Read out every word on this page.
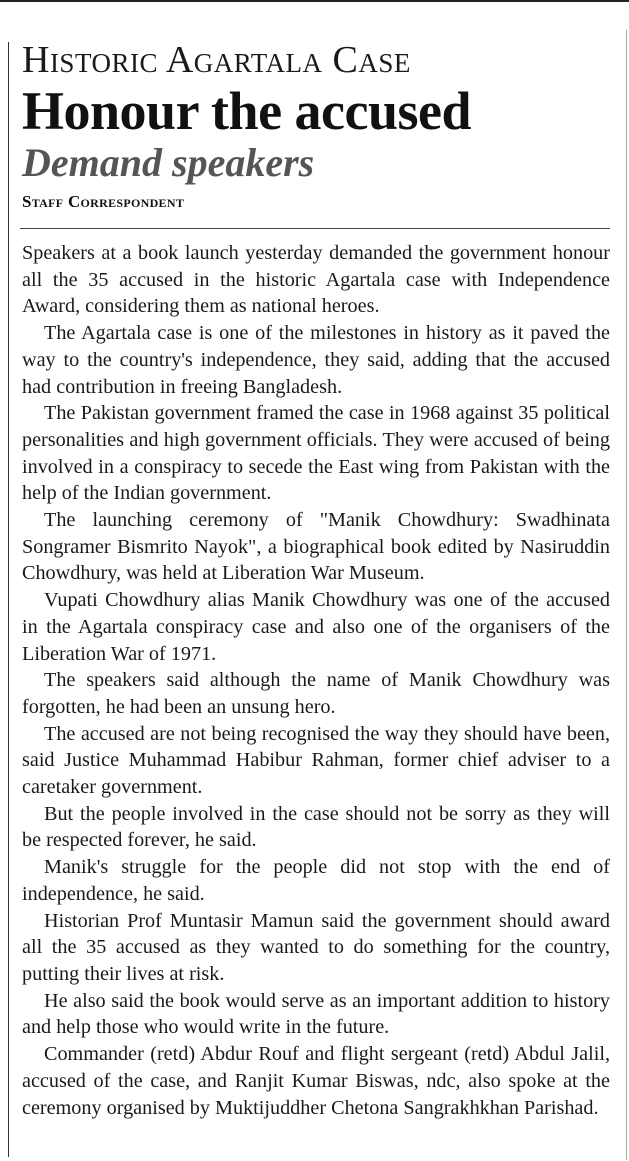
Historic Agartala Case
Honour the accused
Demand speakers
Staff Correspondent

Speakers at a book launch yesterday demanded the government honour all the 35 accused in the historic Agartala case with Independence Award, considering them as national heroes.

The Agartala case is one of the milestones in history as it paved the way to the country's independence, they said, adding that the accused had contribution in freeing Bangladesh.

The Pakistan government framed the case in 1968 against 35 political personalities and high government officials. They were accused of being involved in a conspiracy to secede the East wing from Pakistan with the help of the Indian government.

The launching ceremony of "Manik Chowdhury: Swadhinata Songramer Bismrito Nayok", a biographical book edited by Nasiruddin Chowdhury, was held at Liberation War Museum.

Vupati Chowdhury alias Manik Chowdhury was one of the accused in the Agartala conspiracy case and also one of the organisers of the Liberation War of 1971.

The speakers said although the name of Manik Chowdhury was forgotten, he had been an unsung hero.

The accused are not being recognised the way they should have been, said Justice Muhammad Habibur Rahman, former chief adviser to a caretaker government.

But the people involved in the case should not be sorry as they will be respected forever, he said.

Manik's struggle for the people did not stop with the end of independence, he said.

Historian Prof Muntasir Mamun said the government should award all the 35 accused as they wanted to do something for the country, putting their lives at risk.

He also said the book would serve as an important addition to history and help those who would write in the future.

Commander (retd) Abdur Rouf and flight sergeant (retd) Abdul Jalil, accused of the case, and Ranjit Kumar Biswas, ndc, also spoke at the ceremony organised by Muktijuddher Chetona Sangrakhkhan Parishad.
